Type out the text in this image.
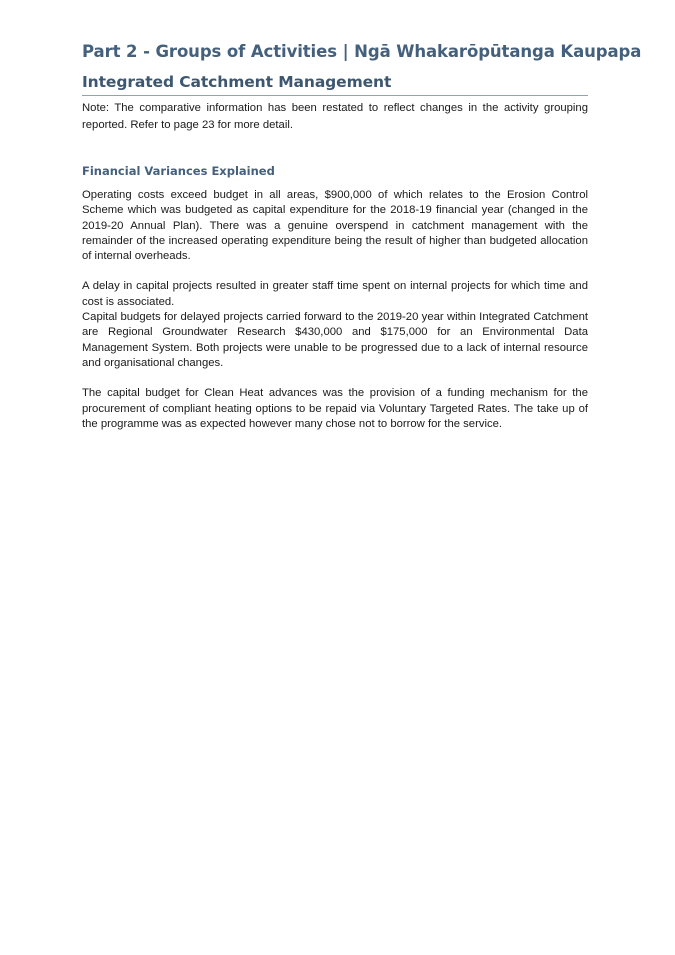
Part 2 - Groups of Activities | Ngā Whakarōpūtanga Kaupapa
Integrated Catchment Management

Note: The comparative information has been restated to reflect changes in the activity grouping reported. Refer to page 23 for more detail.

Financial Variances Explained

Operating costs exceed budget in all areas, $900,000 of which relates to the Erosion Control Scheme which was budgeted as capital expenditure for the 2018-19 financial year (changed in the 2019-20 Annual Plan). There was a genuine overspend in catchment management with the remainder of the increased operating expenditure being the result of higher than budgeted allocation of internal overheads.

A delay in capital projects resulted in greater staff time spent on internal projects for which time and cost is associated.

Capital budgets for delayed projects carried forward to the 2019-20 year within Integrated Catchment are Regional Groundwater Research $430,000 and $175,000 for an Environmental Data Management System. Both projects were unable to be progressed due to a lack of internal resource and organisational changes.

The capital budget for Clean Heat advances was the provision of a funding mechanism for the procurement of compliant heating options to be repaid via Voluntary Targeted Rates. The take up of the programme was as expected however many chose not to borrow for the service.
